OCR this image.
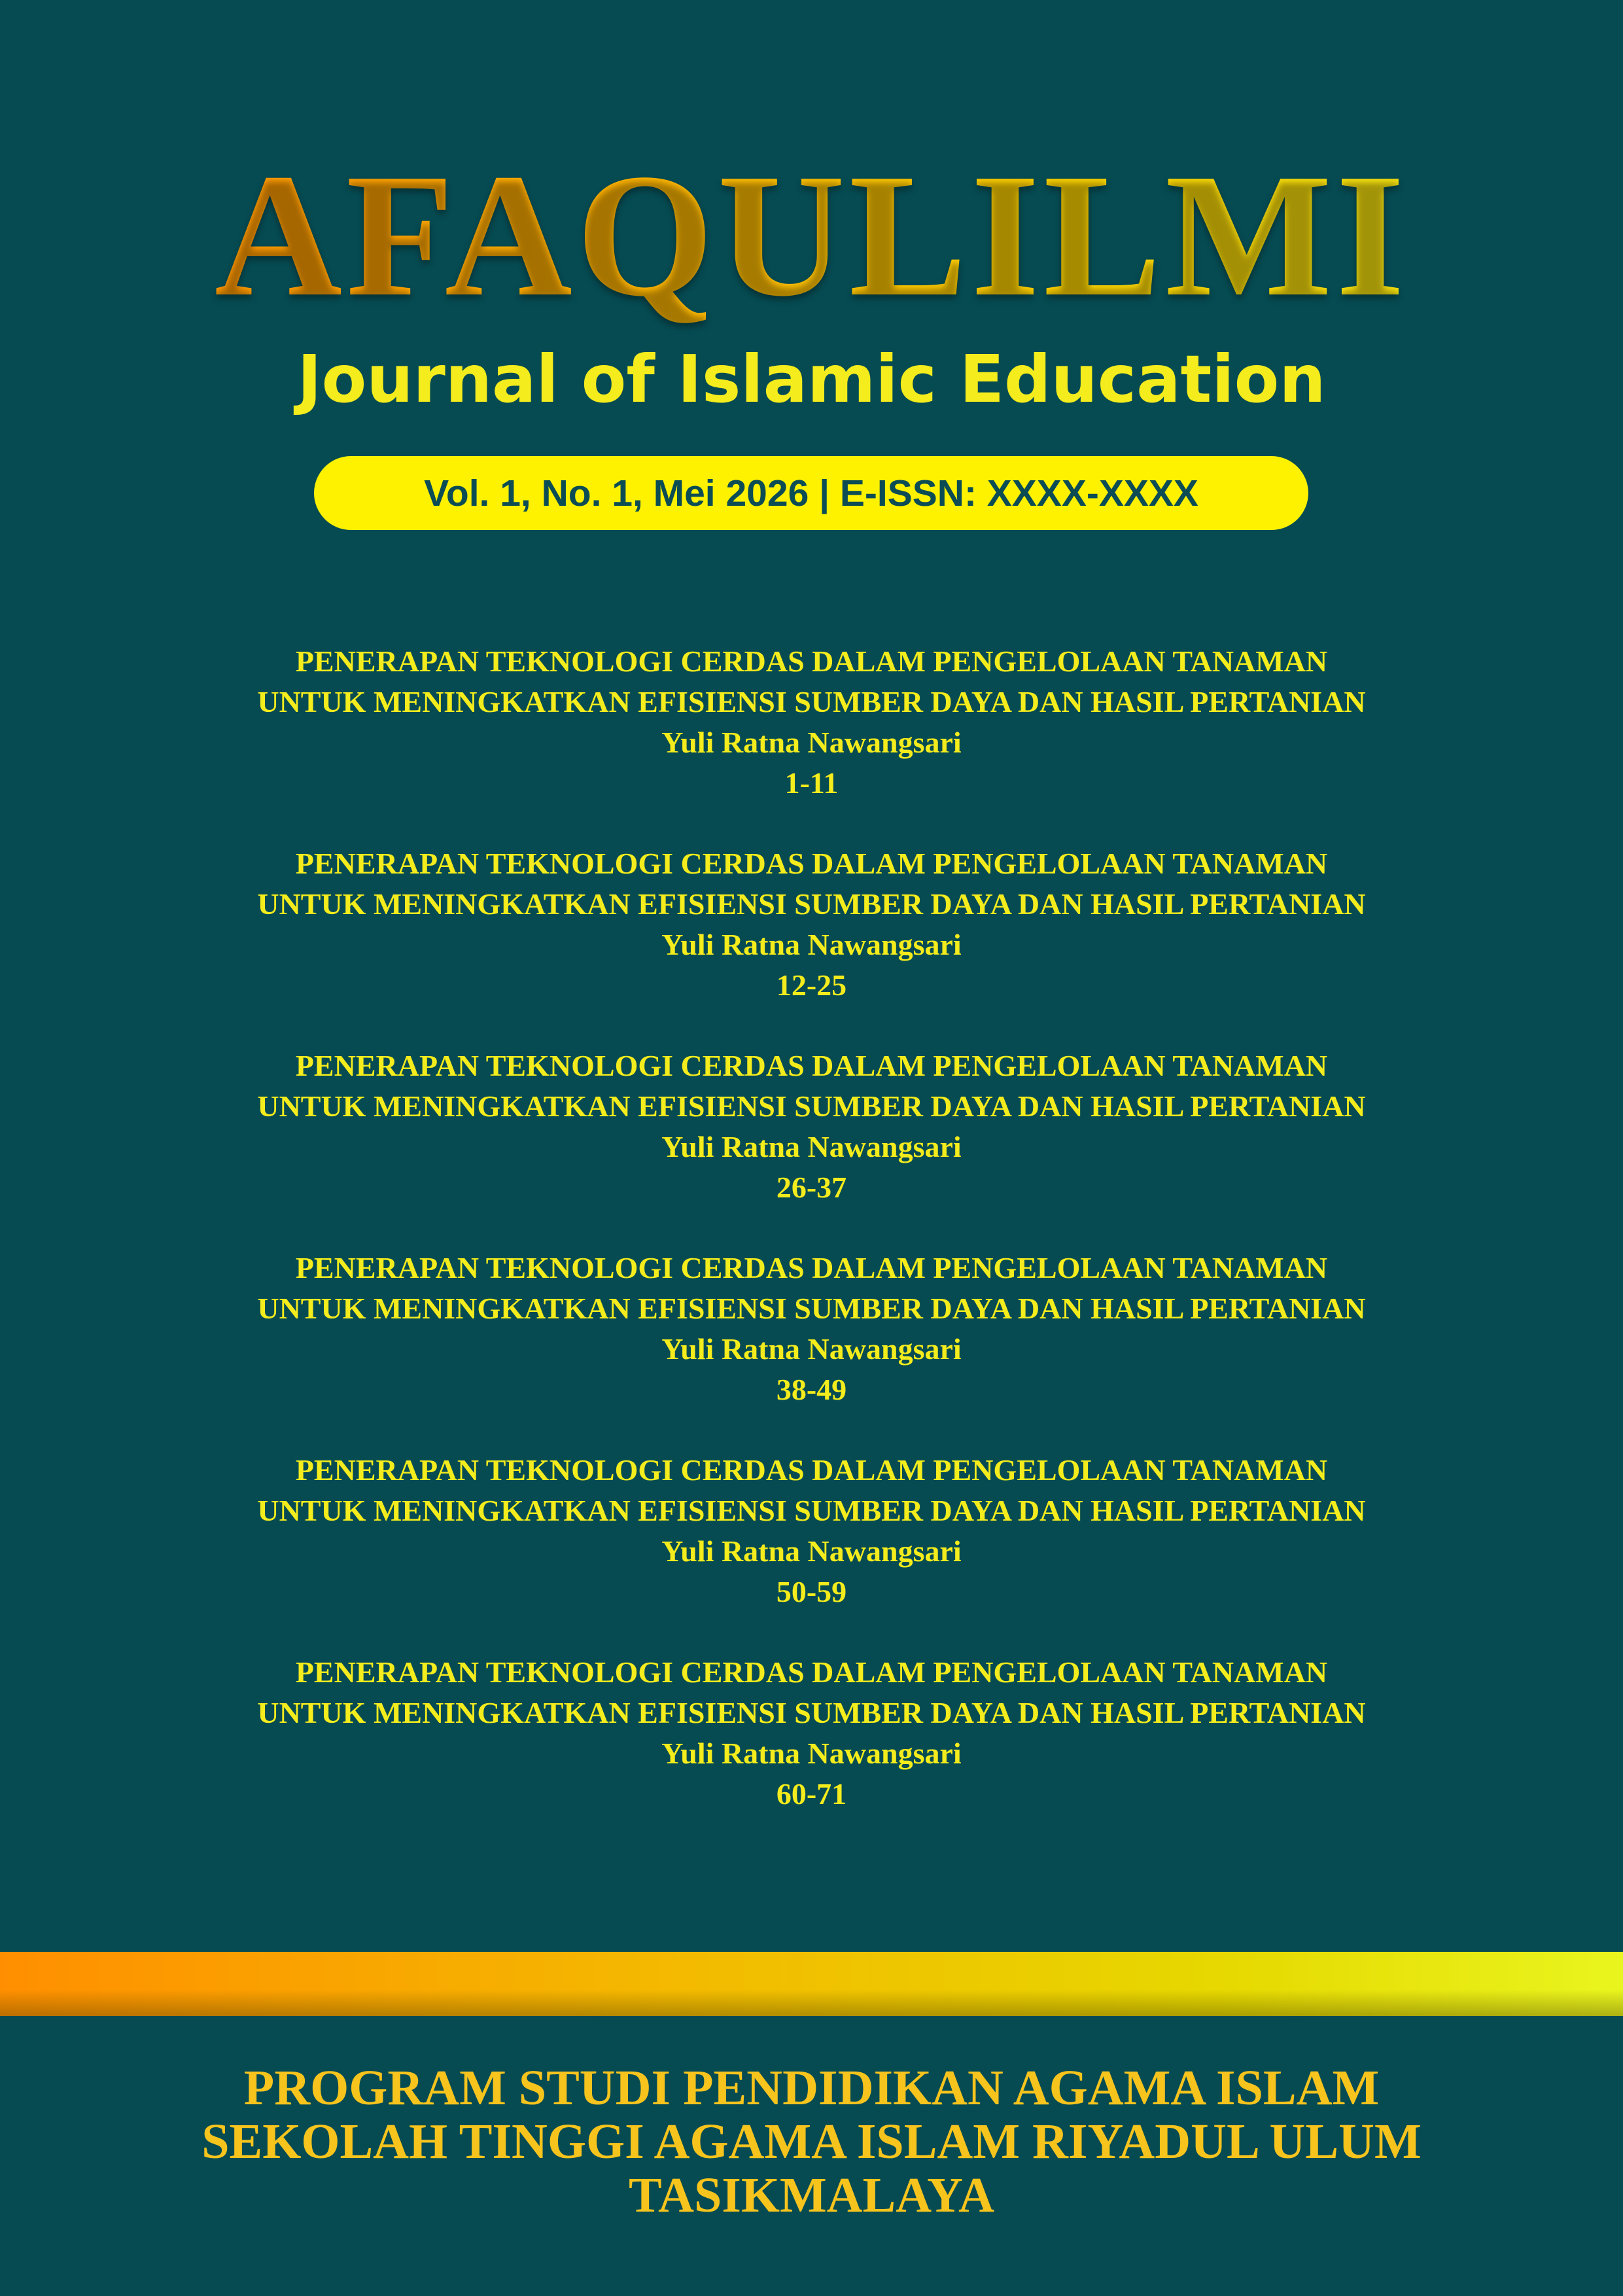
AFAQULILMI
Journal of Islamic Education
Vol. 1, No. 1, Mei 2026 | E-ISSN: XXXX-XXXX
PENERAPAN TEKNOLOGI CERDAS DALAM PENGELOLAAN TANAMAN
UNTUK MENINGKATKAN EFISIENSI SUMBER DAYA DAN HASIL PERTANIAN
Yuli Ratna Nawangsari
1-11
PENERAPAN TEKNOLOGI CERDAS DALAM PENGELOLAAN TANAMAN
UNTUK MENINGKATKAN EFISIENSI SUMBER DAYA DAN HASIL PERTANIAN
Yuli Ratna Nawangsari
12-25
PENERAPAN TEKNOLOGI CERDAS DALAM PENGELOLAAN TANAMAN
UNTUK MENINGKATKAN EFISIENSI SUMBER DAYA DAN HASIL PERTANIAN
Yuli Ratna Nawangsari
26-37
PENERAPAN TEKNOLOGI CERDAS DALAM PENGELOLAAN TANAMAN
UNTUK MENINGKATKAN EFISIENSI SUMBER DAYA DAN HASIL PERTANIAN
Yuli Ratna Nawangsari
38-49
PENERAPAN TEKNOLOGI CERDAS DALAM PENGELOLAAN TANAMAN
UNTUK MENINGKATKAN EFISIENSI SUMBER DAYA DAN HASIL PERTANIAN
Yuli Ratna Nawangsari
50-59
PENERAPAN TEKNOLOGI CERDAS DALAM PENGELOLAAN TANAMAN
UNTUK MENINGKATKAN EFISIENSI SUMBER DAYA DAN HASIL PERTANIAN
Yuli Ratna Nawangsari
60-71
PROGRAM STUDI PENDIDIKAN AGAMA ISLAM
SEKOLAH TINGGI AGAMA ISLAM RIYADUL ULUM
TASIKMALAYA
